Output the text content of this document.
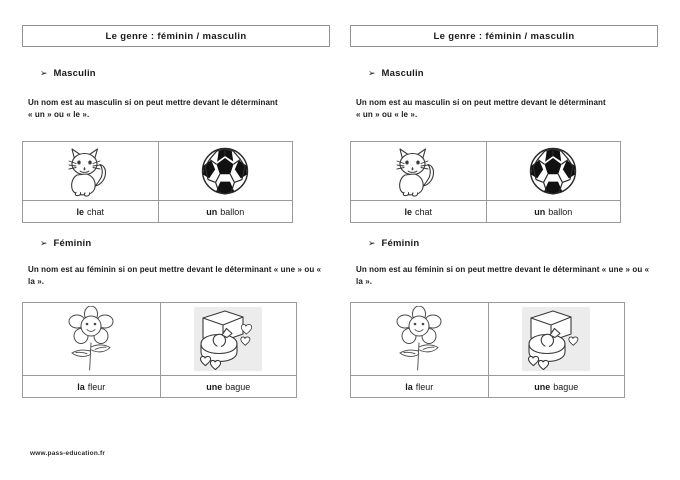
Le genre : féminin / masculin
➢ Masculin
Un nom est au masculin si on peut mettre devant le déterminant « un » ou « le ».
le chat	un ballon
➢ Féminin
Un nom est au féminin si on peut mettre devant le déterminant « une » ou « la ».
la fleur	une bague
www.pass-education.fr
Le genre : féminin / masculin
➢ Masculin
Un nom est au masculin si on peut mettre devant le déterminant « un » ou « le ».
le chat	un ballon
➢ Féminin
Un nom est au féminin si on peut mettre devant le déterminant « une » ou « la ».
la fleur	une bague
